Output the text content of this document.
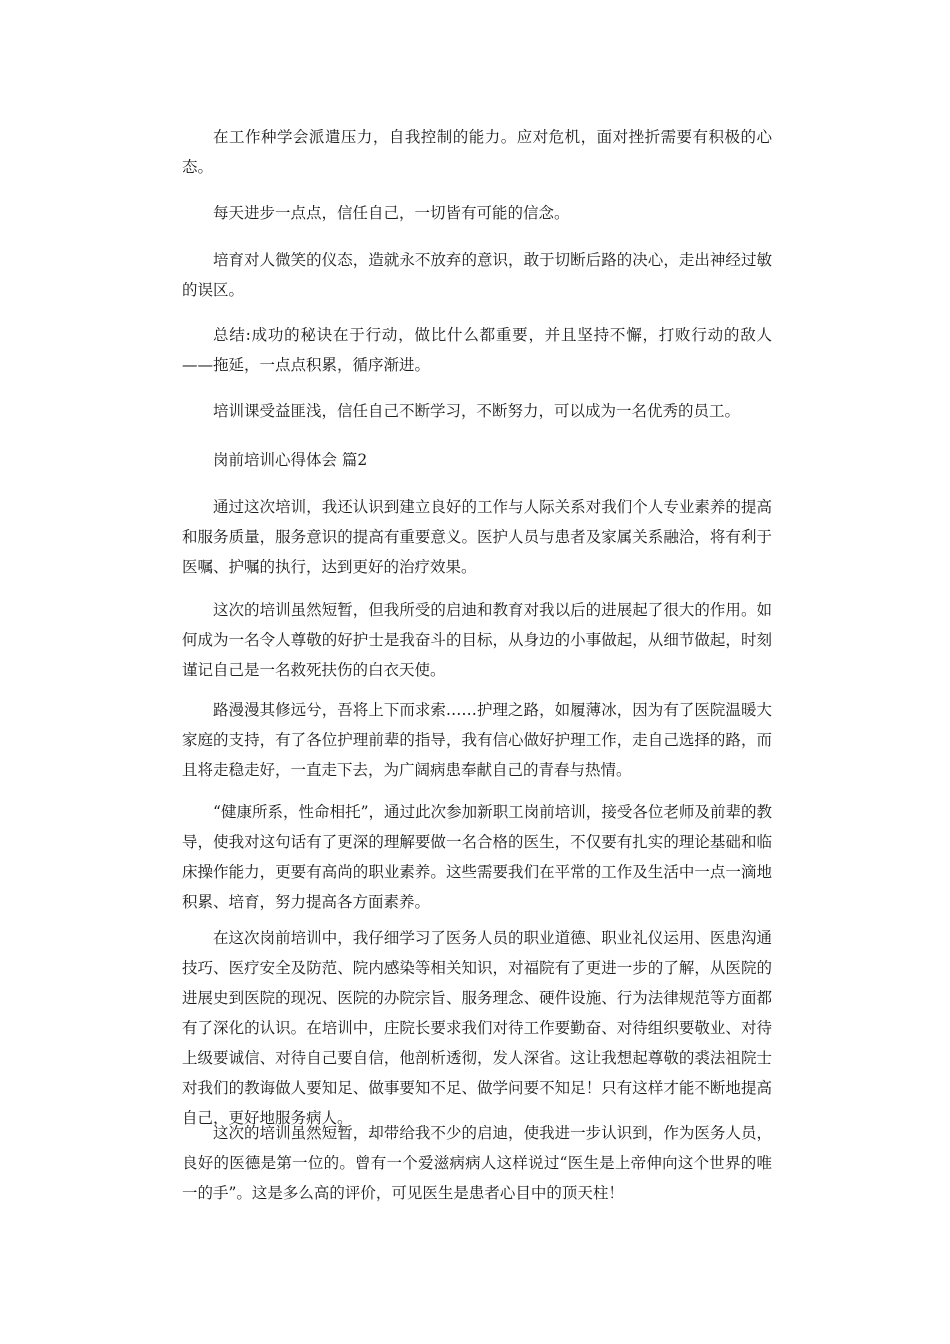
在工作种学会派遣压力，自我控制的能力。应对危机，面对挫折需要有积极的心态。

每天进步一点点，信任自己，一切皆有可能的信念。

培育对人微笑的仪态，造就永不放弃的意识，敢于切断后路的决心，走出神经过敏的误区。

总结:成功的秘诀在于行动，做比什么都重要，并且坚持不懈，打败行动的敌人——拖延，一点点积累，循序渐进。

培训课受益匪浅，信任自己不断学习，不断努力，可以成为一名优秀的员工。

岗前培训心得体会 篇2

通过这次培训，我还认识到建立良好的工作与人际关系对我们个人专业素养的提高和服务质量，服务意识的提高有重要意义。医护人员与患者及家属关系融洽，将有利于医嘱、护嘱的执行，达到更好的治疗效果。

这次的培训虽然短暂，但我所受的启迪和教育对我以后的进展起了很大的作用。如何成为一名令人尊敬的好护士是我奋斗的目标，从身边的小事做起，从细节做起，时刻谨记自己是一名救死扶伤的白衣天使。

路漫漫其修远兮，吾将上下而求索……护理之路，如履薄冰，因为有了医院温暖大家庭的支持，有了各位护理前辈的指导，我有信心做好护理工作，走自己选择的路，而且将走稳走好，一直走下去，为广阔病患奉献自己的青春与热情。

“健康所系，性命相托”，通过此次参加新职工岗前培训，接受各位老师及前辈的教导，使我对这句话有了更深的理解要做一名合格的医生，不仅要有扎实的理论基础和临床操作能力，更要有高尚的职业素养。这些需要我们在平常的工作及生活中一点一滴地积累、培育，努力提高各方面素养。

在这次岗前培训中，我仔细学习了医务人员的职业道德、职业礼仪运用、医患沟通技巧、医疗安全及防范、院内感染等相关知识，对福院有了更进一步的了解，从医院的进展史到医院的现况、医院的办院宗旨、服务理念、硬件设施、行为法律规范等方面都有了深化的认识。在培训中，庄院长要求我们对待工作要勤奋、对待组织要敬业、对待上级要诚信、对待自己要自信，他剖析透彻，发人深省。这让我想起尊敬的裘法祖院士对我们的教诲做人要知足、做事要知不足、做学问要不知足！只有这样才能不断地提高自己，更好地服务病人。

这次的培训虽然短暂，却带给我不少的启迪，使我进一步认识到，作为医务人员，良好的医德是第一位的。曾有一个爱滋病病人这样说过“医生是上帝伸向这个世界的唯一的手”。这是多么高的评价，可见医生是患者心目中的顶天柱！
